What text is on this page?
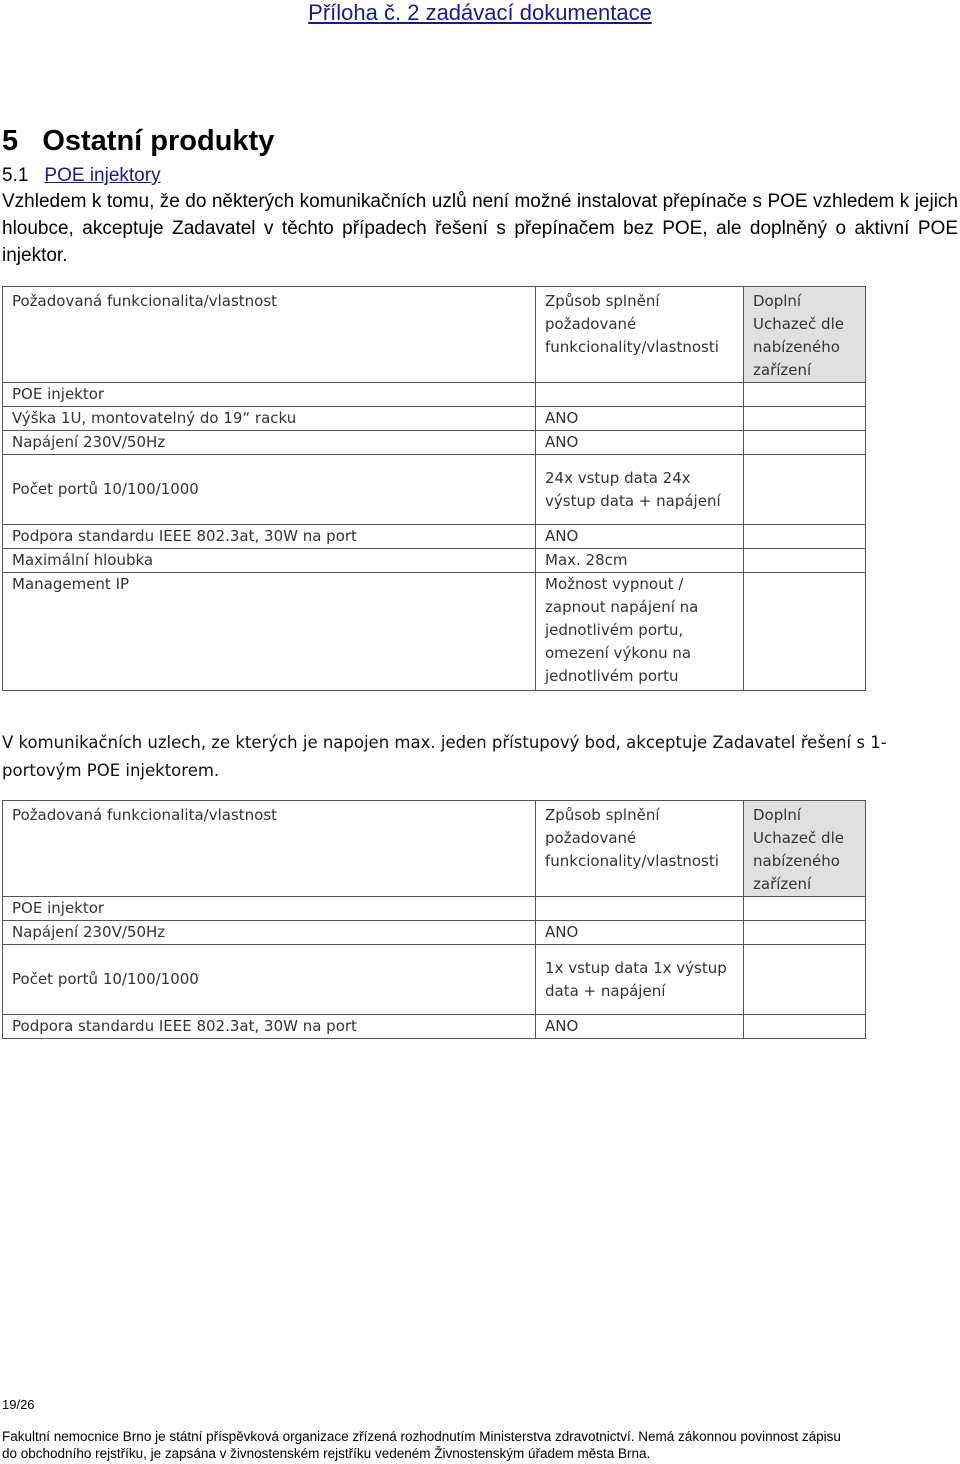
Příloha č. 2 zadávací dokumentace
5 Ostatní produkty
5.1 POE injektory
Vzhledem k tomu, že do některých komunikačních uzlů není možné instalovat přepínače s POE vzhledem k jejich hloubce, akceptuje Zadavatel v těchto případech řešení s přepínačem bez POE, ale doplněný o aktivní POE injektor.
Požadovaná funkcionalita/vlastnost	Způsob splnění požadované funkcionality/vlastnosti	Doplní Uchazeč dle nabízeného zařízení
POE injektor		
Výška 1U, montovatelný do 19“ racku	ANO	
Napájení 230V/50Hz	ANO	
Počet portů 10/100/1000	24x vstup data 24x výstup data + napájení	
Podpora standardu IEEE 802.3at, 30W na port	ANO	
Maximální hloubka	Max. 28cm	
Management IP	Možnost vypnout / zapnout napájení na jednotlivém portu, omezení výkonu na jednotlivém portu	
V komunikačních uzlech, ze kterých je napojen max. jeden přístupový bod, akceptuje Zadavatel řešení s 1-portovým POE injektorem.
Požadovaná funkcionalita/vlastnost	Způsob splnění požadované funkcionality/vlastnosti	Doplní Uchazeč dle nabízeného zařízení
POE injektor		
Napájení 230V/50Hz	ANO	
Počet portů 10/100/1000	1x vstup data 1x výstup data + napájení	
Podpora standardu IEEE 802.3at, 30W na port	ANO	
19/26
Fakultní nemocnice Brno je státní příspěvková organizace zřízená rozhodnutím Ministerstva zdravotnictví. Nemá zákonnou povinnost zápisu
do obchodního rejstříku, je zapsána v živnostenském rejstříku vedeném Živnostenským úřadem města Brna.
